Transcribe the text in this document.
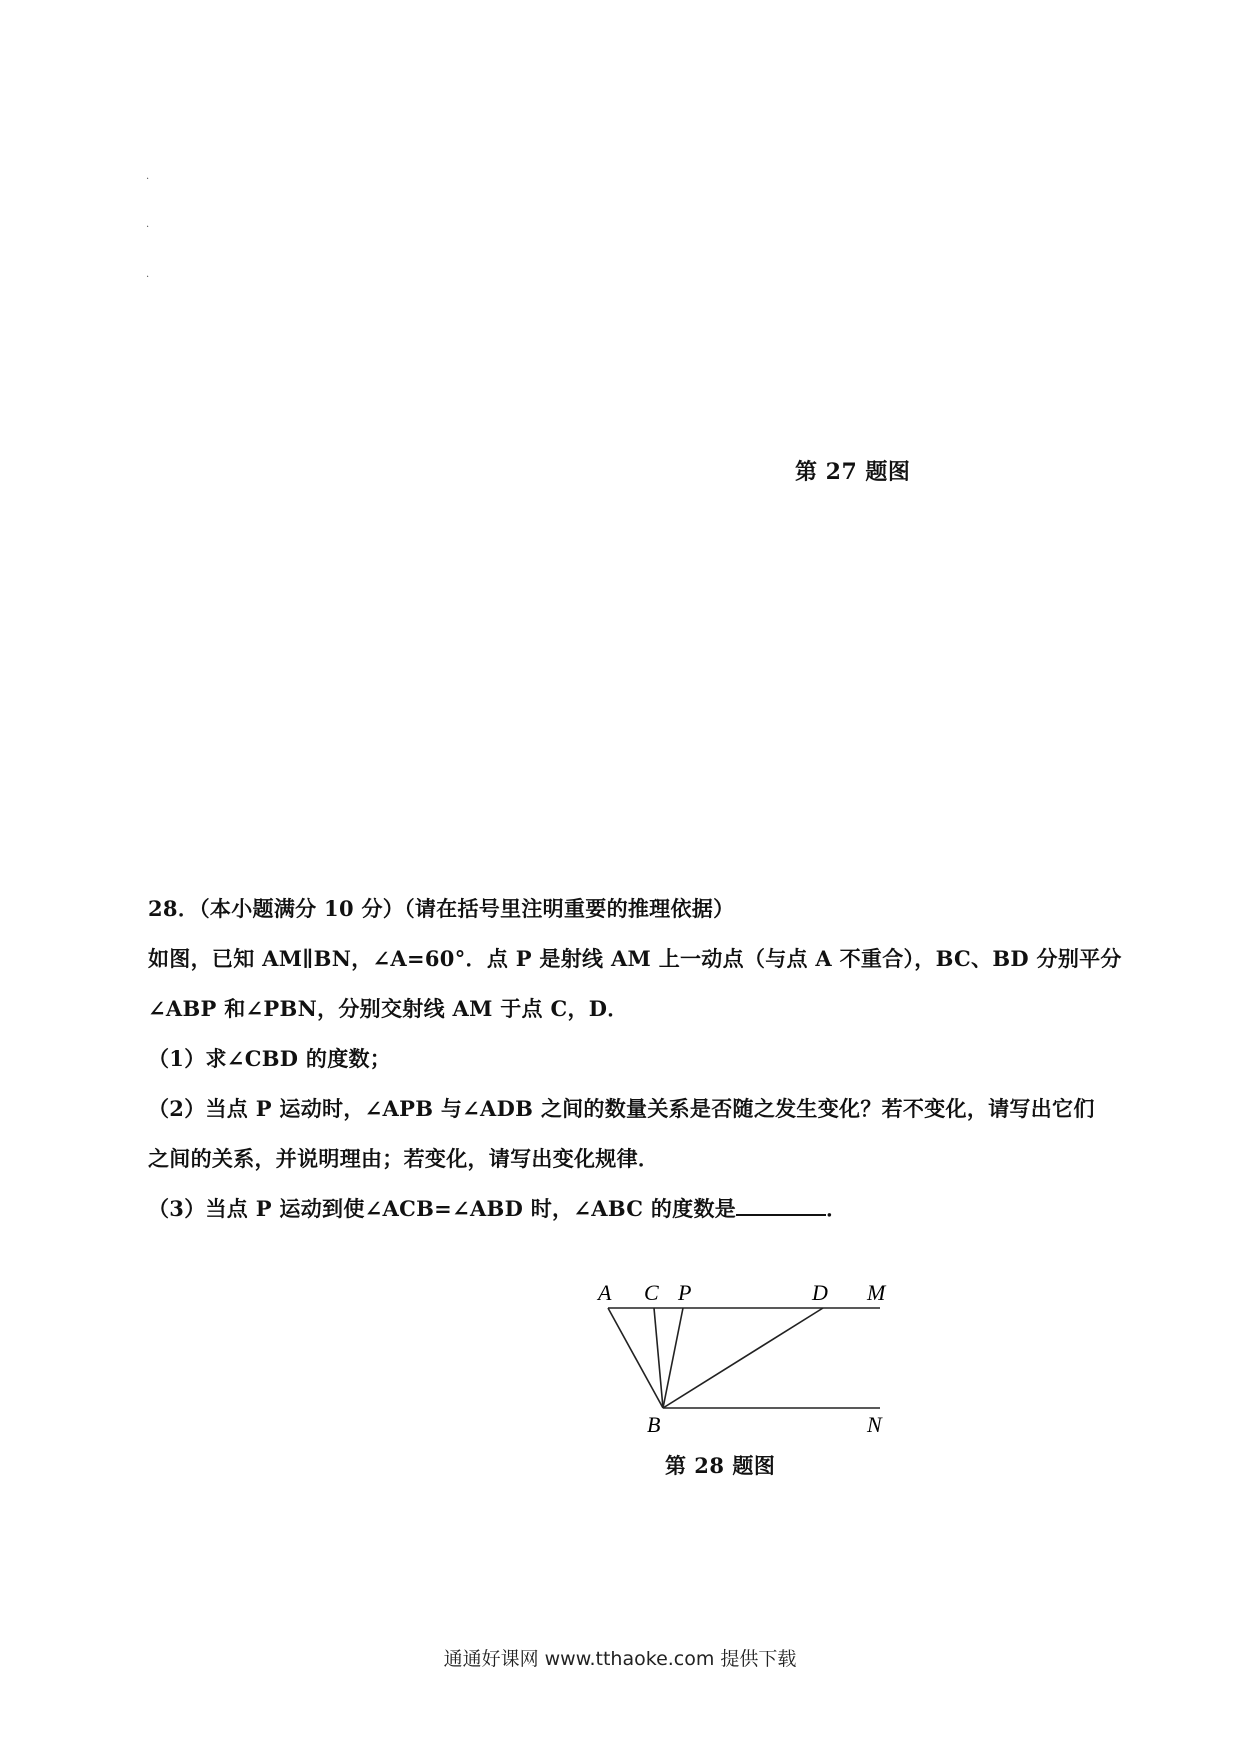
.
.
.
第 27 题图
28．（本小题满分 10 分）（请在括号里注明重要的推理依据）
如图，已知 AM∥BN，∠A=60°．点 P 是射线 AM 上一动点（与点 A 不重合），BC、BD 分别平分
∠ABP 和∠PBN，分别交射线 AM 于点 C，D．
（1）求∠CBD 的度数；
（2）当点 P 运动时，∠APB 与∠ADB 之间的数量关系是否随之发生变化？若不变化，请写出它们
之间的关系，并说明理由；若变化，请写出变化规律．
（3）当点 P 运动到使∠ACB=∠ABD 时，∠ABC 的度数是	．
A C P	D M
B	N
第 28 题图
通通好课网 www.tthaoke.com 提供下载
